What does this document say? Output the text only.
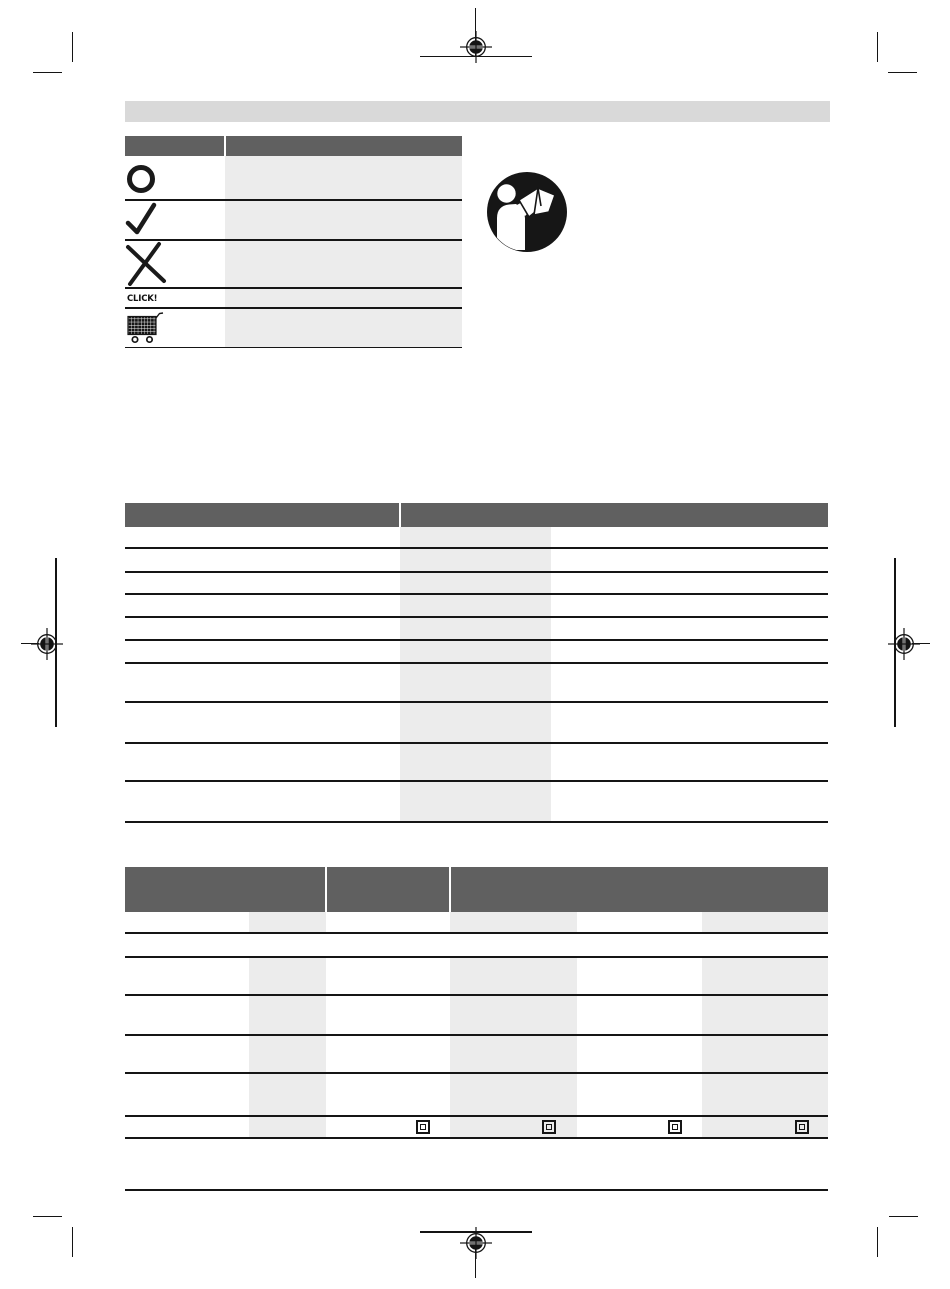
CLICK!
